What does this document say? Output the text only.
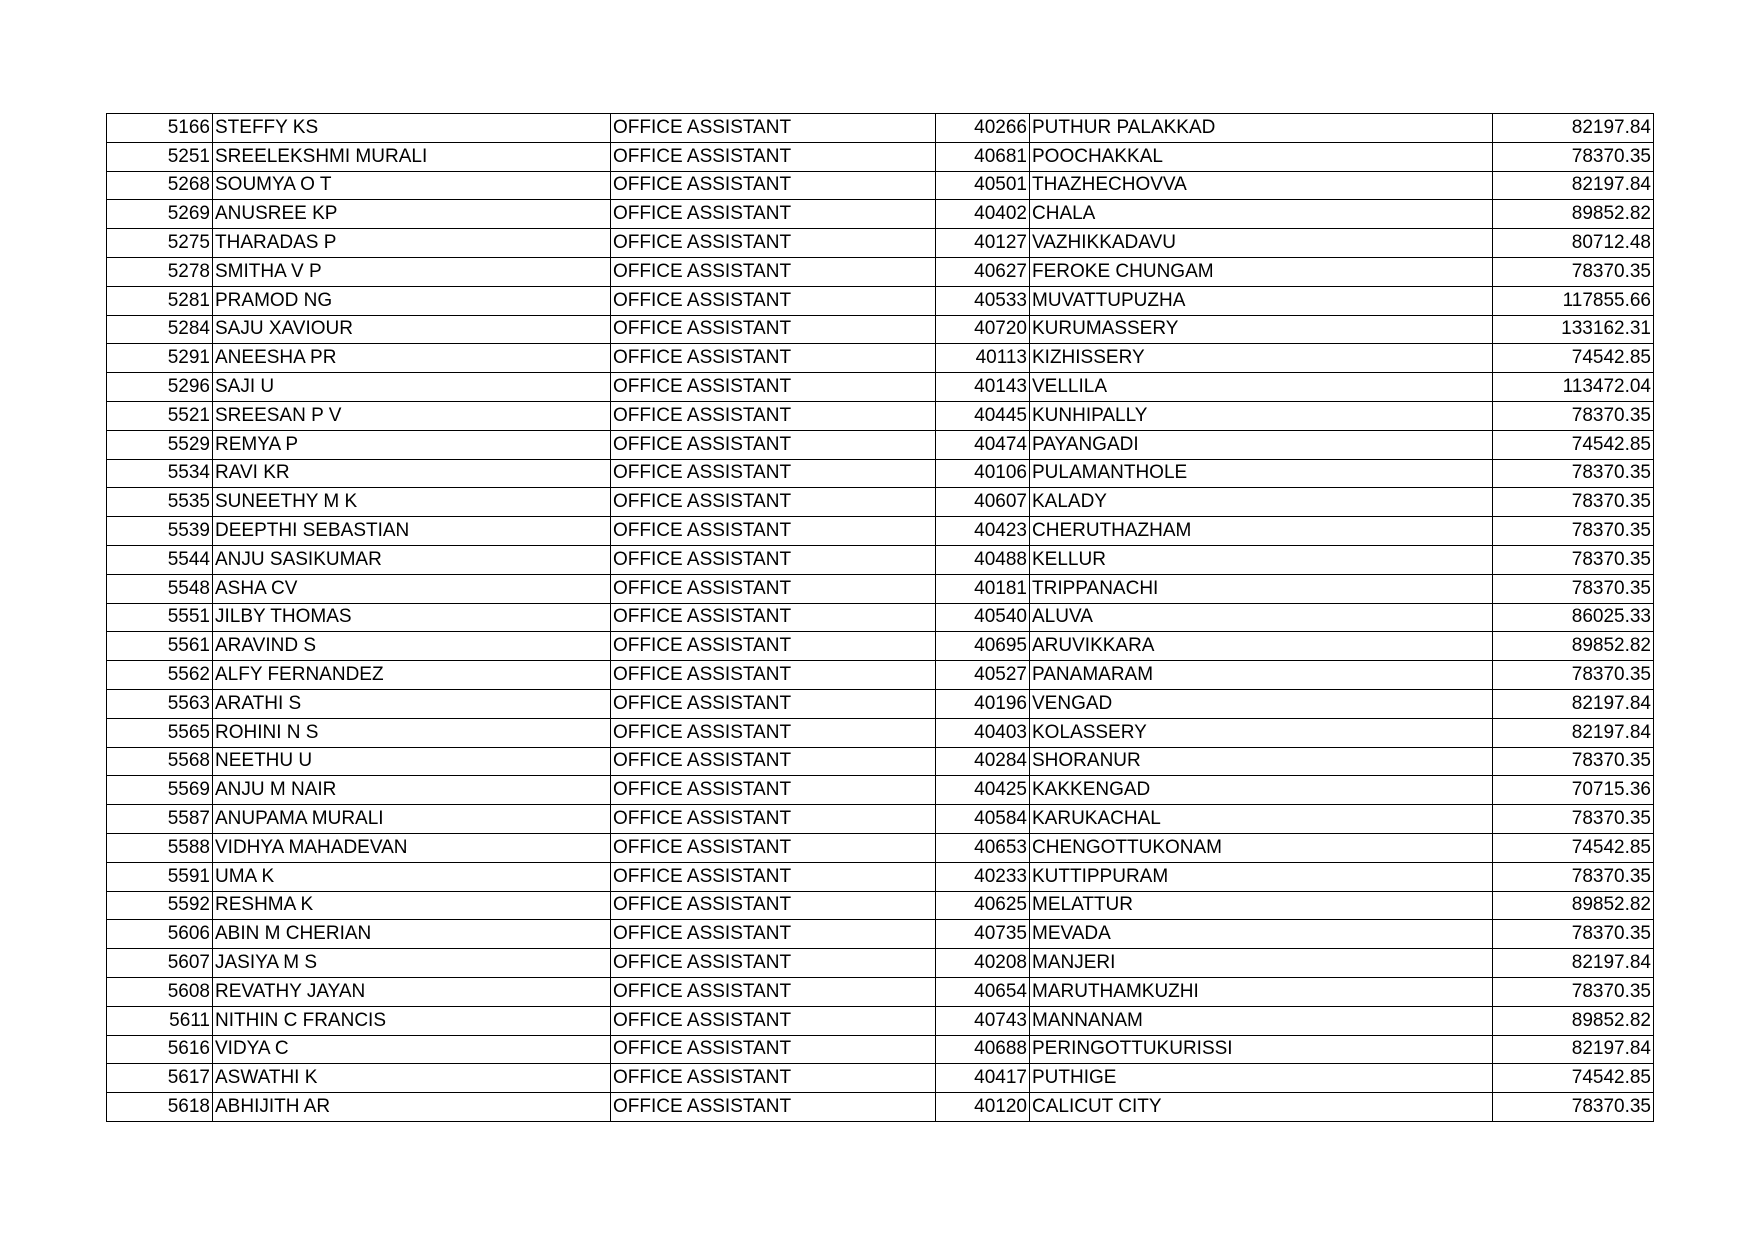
5166	STEFFY KS	OFFICE ASSISTANT	40266	PUTHUR PALAKKAD	82197.84
5251	SREELEKSHMI MURALI	OFFICE ASSISTANT	40681	POOCHAKKAL	78370.35
5268	SOUMYA O T	OFFICE ASSISTANT	40501	THAZHECHOVVA	82197.84
5269	ANUSREE KP	OFFICE ASSISTANT	40402	CHALA	89852.82
5275	THARADAS P	OFFICE ASSISTANT	40127	VAZHIKKADAVU	80712.48
5278	SMITHA V P	OFFICE ASSISTANT	40627	FEROKE CHUNGAM	78370.35
5281	PRAMOD NG	OFFICE ASSISTANT	40533	MUVATTUPUZHA	117855.66
5284	SAJU XAVIOUR	OFFICE ASSISTANT	40720	KURUMASSERY	133162.31
5291	ANEESHA PR	OFFICE ASSISTANT	40113	KIZHISSERY	74542.85
5296	SAJI U	OFFICE ASSISTANT	40143	VELLILA	113472.04
5521	SREESAN P V	OFFICE ASSISTANT	40445	KUNHIPALLY	78370.35
5529	REMYA P	OFFICE ASSISTANT	40474	PAYANGADI	74542.85
5534	RAVI KR	OFFICE ASSISTANT	40106	PULAMANTHOLE	78370.35
5535	SUNEETHY M K	OFFICE ASSISTANT	40607	KALADY	78370.35
5539	DEEPTHI SEBASTIAN	OFFICE ASSISTANT	40423	CHERUTHAZHAM	78370.35
5544	ANJU SASIKUMAR	OFFICE ASSISTANT	40488	KELLUR	78370.35
5548	ASHA CV	OFFICE ASSISTANT	40181	TRIPPANACHI	78370.35
5551	JILBY THOMAS	OFFICE ASSISTANT	40540	ALUVA	86025.33
5561	ARAVIND S	OFFICE ASSISTANT	40695	ARUVIKKARA	89852.82
5562	ALFY FERNANDEZ	OFFICE ASSISTANT	40527	PANAMARAM	78370.35
5563	ARATHI S	OFFICE ASSISTANT	40196	VENGAD	82197.84
5565	ROHINI N S	OFFICE ASSISTANT	40403	KOLASSERY	82197.84
5568	NEETHU U	OFFICE ASSISTANT	40284	SHORANUR	78370.35
5569	ANJU M NAIR	OFFICE ASSISTANT	40425	KAKKENGAD	70715.36
5587	ANUPAMA MURALI	OFFICE ASSISTANT	40584	KARUKACHAL	78370.35
5588	VIDHYA MAHADEVAN	OFFICE ASSISTANT	40653	CHENGOTTUKONAM	74542.85
5591	UMA K	OFFICE ASSISTANT	40233	KUTTIPPURAM	78370.35
5592	RESHMA K	OFFICE ASSISTANT	40625	MELATTUR	89852.82
5606	ABIN M CHERIAN	OFFICE ASSISTANT	40735	MEVADA	78370.35
5607	JASIYA M S	OFFICE ASSISTANT	40208	MANJERI	82197.84
5608	REVATHY JAYAN	OFFICE ASSISTANT	40654	MARUTHAMKUZHI	78370.35
5611	NITHIN C FRANCIS	OFFICE ASSISTANT	40743	MANNANAM	89852.82
5616	VIDYA C	OFFICE ASSISTANT	40688	PERINGOTTUKURISSI	82197.84
5617	ASWATHI K	OFFICE ASSISTANT	40417	PUTHIGE	74542.85
5618	ABHIJITH AR	OFFICE ASSISTANT	40120	CALICUT CITY	78370.35
